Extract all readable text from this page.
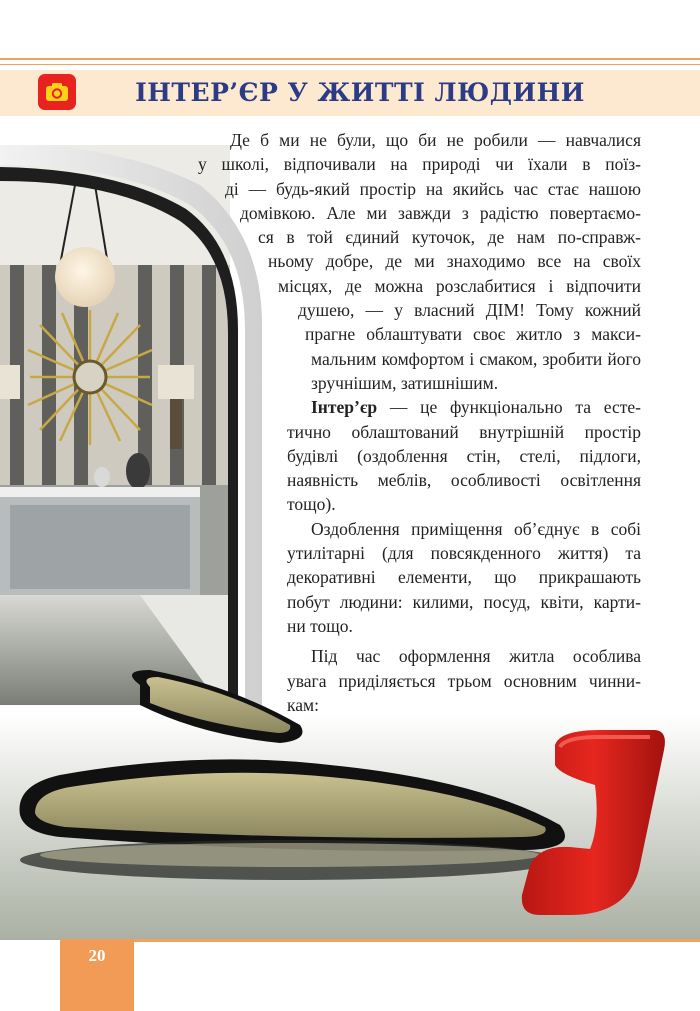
ІНТЕР’ЄР У ЖИТТІ ЛЮДИНИ

Де б ми не були, що би не робили — навчалися
у школі, відпочивали на природі чи їхали в поїз-
ді — будь-який простір на якийсь час стає нашою
домівкою. Але ми завжди з радістю повертаємо-
ся в той єдиний куточок, де нам по-справж-
ньому добре, де ми знаходимо все на своїх
місцях, де можна розслабитися і відпочити
душею, — у власний ДІМ! Тому кожний
прагне облаштувати своє житло з макси-
мальним комфортом і смаком, зробити його
зручнішим, затишнішим.

Інтер’єр — це функціонально та есте-
тично облаштований внутрішній простір
будівлі (оздоблення стін, стелі, підлоги,
наявність меблів, особливості освітлення
тощо).

Оздоблення приміщення об’єднує в собі
утилітарні (для повсякденного життя) та
декоративні елементи, що прикрашають
побут людини: килими, посуд, квіти, карти-
ни тощо.

Під час оформлення житла особлива
увага приділяється трьом основним чинни-
кам:

20
